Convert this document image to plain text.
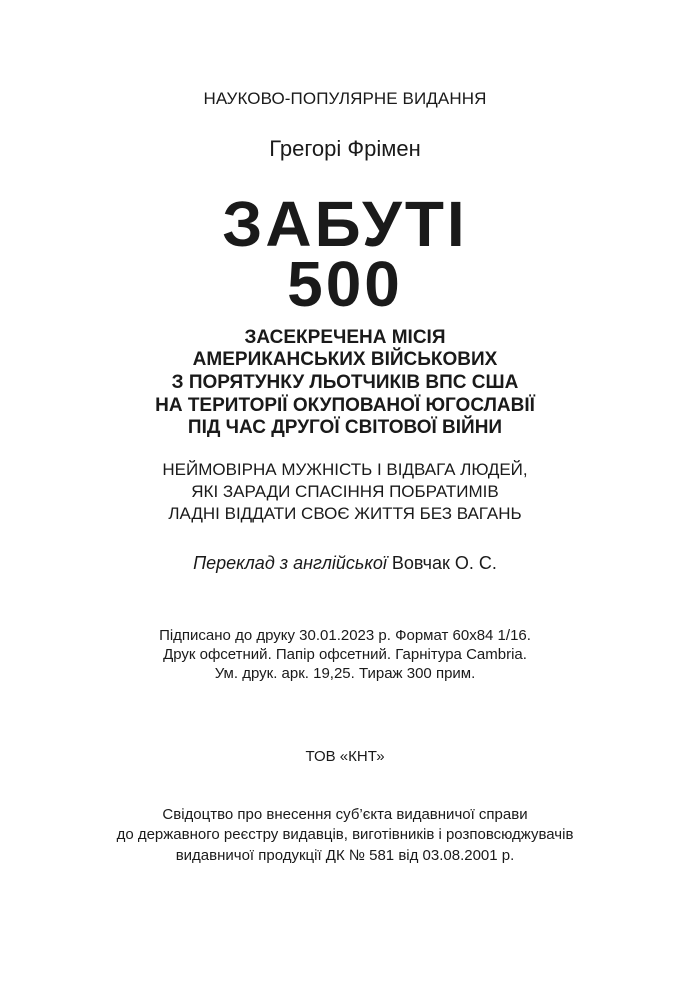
НАУКОВО-ПОПУЛЯРНЕ ВИДАННЯ
Грегорі Фрімен
ЗАБУТІ
500
ЗАСЕКРЕЧЕНА МІСІЯ
АМЕРИКАНСЬКИХ ВІЙСЬКОВИХ
З ПОРЯТУНКУ ЛЬОТЧИКІВ ВПС США
НА ТЕРИТОРІЇ ОКУПОВАНОЇ ЮГОСЛАВІЇ
ПІД ЧАС ДРУГОЇ СВІТОВОЇ ВІЙНИ
НЕЙМОВІРНА МУЖНІСТЬ І ВІДВАГА ЛЮДЕЙ,
ЯКІ ЗАРАДИ СПАСІННЯ ПОБРАТИМІВ
ЛАДНІ ВІДДАТИ СВОЄ ЖИТТЯ БЕЗ ВАГАНЬ
Переклад з англійської Вовчак О. С.
Підписано до друку 30.01.2023 р. Формат 60х84 1/16.
Друк офсетний. Папір офсетний. Гарнітура Cambria.
Ум. друк. арк. 19,25. Тираж 300 прим.
ТОВ «КНТ»
Свідоцтво про внесення суб’єкта видавничої справи
до державного реєстру видавців, виготівників і розповсюджувачів
видавничої продукції ДК № 581 від 03.08.2001 р.
